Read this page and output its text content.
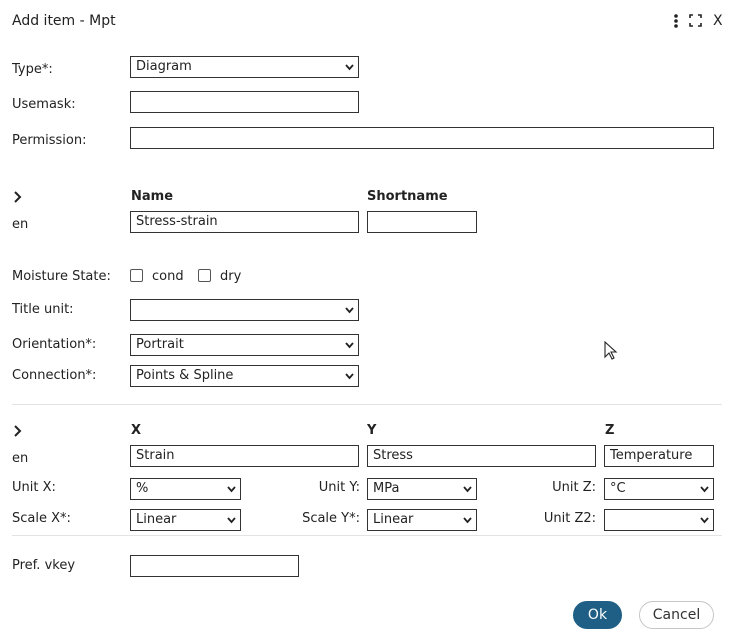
Add item - Mpt	X
Type*:	Diagram
Usemask:
Permission:
Name	Shortname
en	Stress-strain
Moisture State:	cond	dry
Title unit:
Orientation*:	Portrait
Connection*:	Points & Spline
X	Y	Z
en	Strain	Stress	Temperature
Unit X:	%	Unit Y:	MPa	Unit Z:	°C
Scale X*:	Linear	Scale Y*:	Linear	Unit Z2:
Pref. vkey
Ok	Cancel
